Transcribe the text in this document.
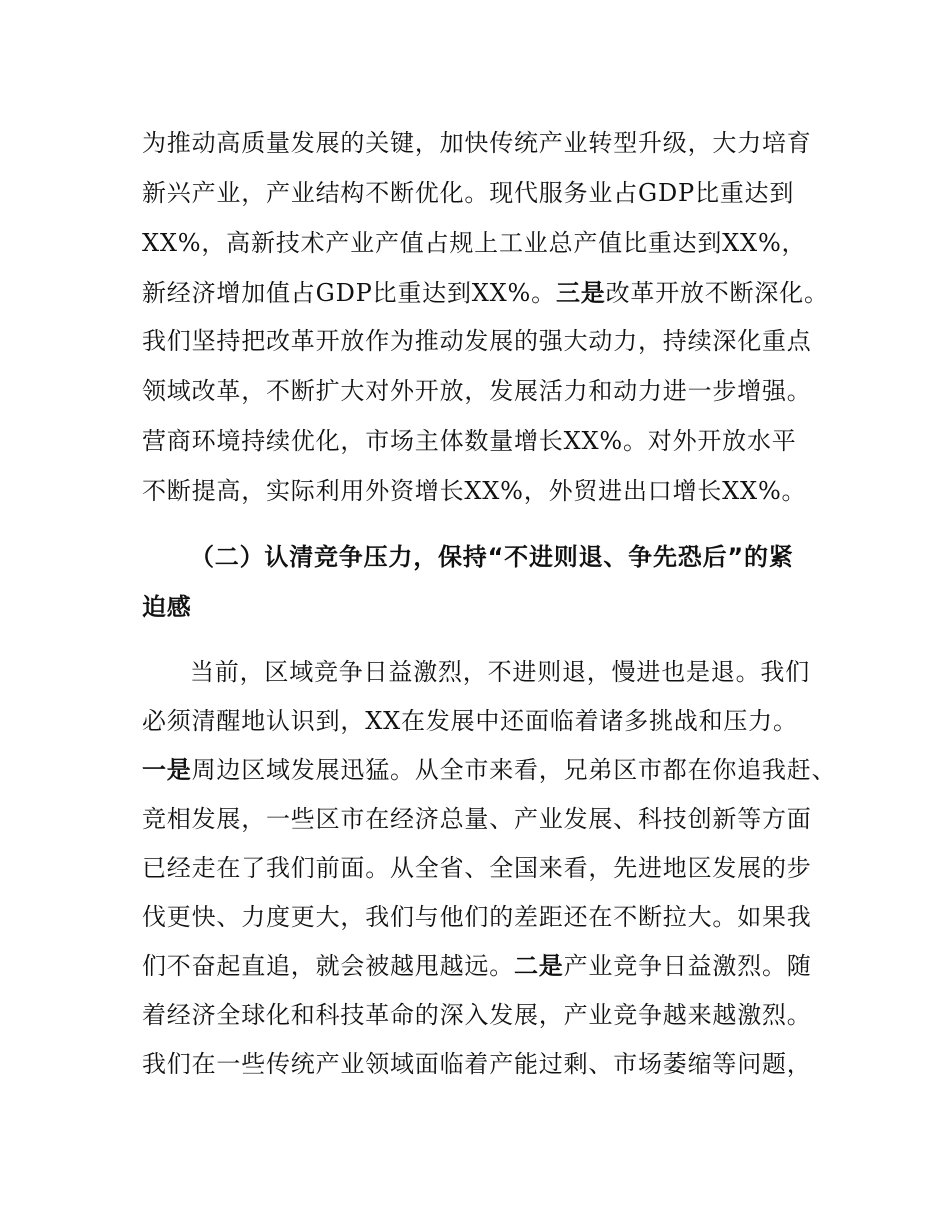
为推动高质量发展的关键，加快传统产业转型升级，大力培育
新兴产业，产业结构不断优化。现代服务业占GDP比重达到
XX%，高新技术产业产值占规上工业总产值比重达到XX%，
新经济增加值占GDP比重达到XX%。三是改革开放不断深化。
我们坚持把改革开放作为推动发展的强大动力，持续深化重点
领域改革，不断扩大对外开放，发展活力和动力进一步增强。
营商环境持续优化，市场主体数量增长XX%。对外开放水平
不断提高，实际利用外资增长XX%，外贸进出口增长XX%。
（二）认清竞争压力，保持“不进则退、争先恐后”的紧
迫感
当前，区域竞争日益激烈，不进则退，慢进也是退。我们
必须清醒地认识到，XX在发展中还面临着诸多挑战和压力。
一是周边区域发展迅猛。从全市来看，兄弟区市都在你追我赶、
竞相发展，一些区市在经济总量、产业发展、科技创新等方面
已经走在了我们前面。从全省、全国来看，先进地区发展的步
伐更快、力度更大，我们与他们的差距还在不断拉大。如果我
们不奋起直追，就会被越甩越远。二是产业竞争日益激烈。随
着经济全球化和科技革命的深入发展，产业竞争越来越激烈。
我们在一些传统产业领域面临着产能过剩、市场萎缩等问题，
